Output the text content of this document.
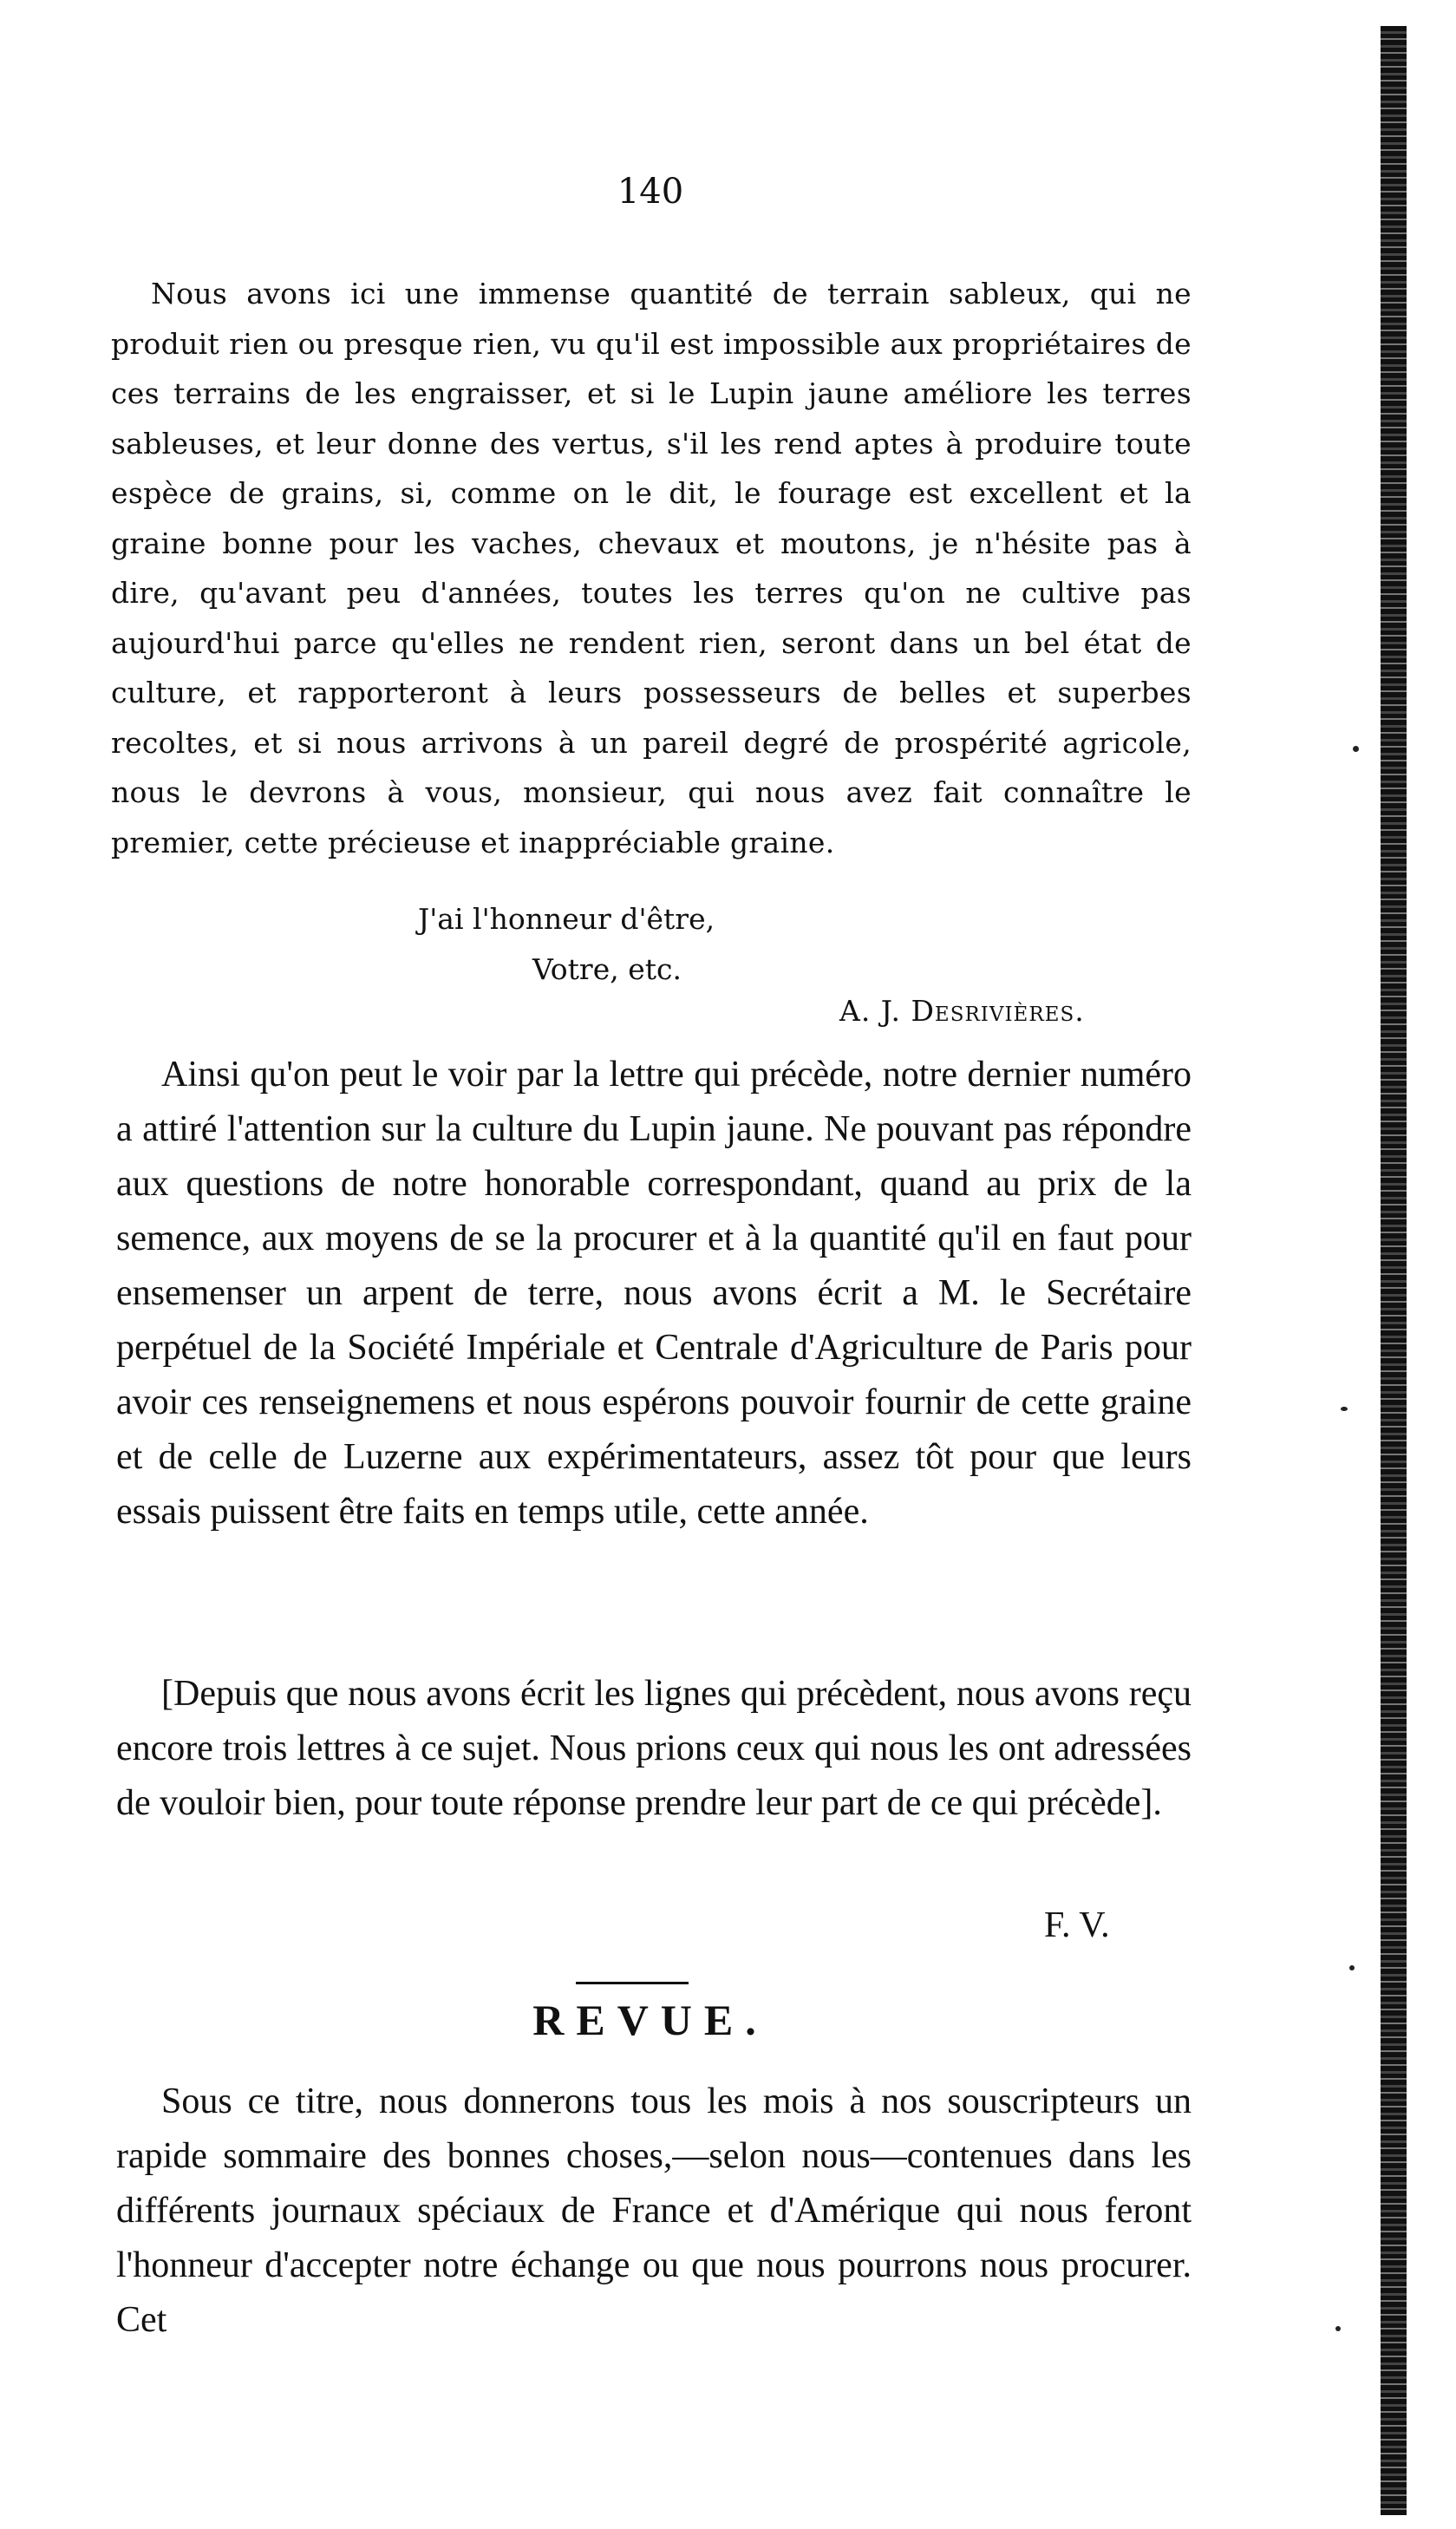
140

Nous avons ici une immense quantité de terrain sableux, qui ne produit rien ou presque rien, vu qu'il est impossible aux propriétaires de ces terrains de les engraisser, et si le Lupin jaune améliore les terres sableuses, et leur donne des vertus, s'il les rend aptes à produire toute espèce de grains, si, comme on le dit, le fourage est excellent et la graine bonne pour les vaches, chevaux et moutons, je n'hésite pas à dire, qu'avant peu d'années, toutes les terres qu'on ne cultive pas aujourd'hui parce qu'elles ne rendent rien, seront dans un bel état de culture, et rapporteront à leurs possesseurs de belles et superbes recoltes, et si nous arrivons à un pareil degré de prospérité agricole, nous le devrons à vous, monsieur, qui nous avez fait connaître le premier, cette précieuse et inappréciable graine.

J'ai l'honneur d'être,
Votre, etc.
A. J. Desrivières.

Ainsi qu'on peut le voir par la lettre qui précède, notre dernier numéro a attiré l'attention sur la culture du Lupin jaune. Ne pouvant pas répondre aux questions de notre honorable correspondant, quand au prix de la semence, aux moyens de se la procurer et à la quantité qu'il en faut pour ensemenser un arpent de terre, nous avons écrit a M. le Secrétaire perpétuel de la Société Impériale et Centrale d'Agriculture de Paris pour avoir ces renseignemens et nous espérons pouvoir fournir de cette graine et de celle de Luzerne aux expérimentateurs, assez tôt pour que leurs essais puissent être faits en temps utile, cette année.

[Depuis que nous avons écrit les lignes qui précèdent, nous avons reçu encore trois lettres à ce sujet. Nous prions ceux qui nous les ont adressées de vouloir bien, pour toute réponse prendre leur part de ce qui précède].

F. V.
REVUE.

Sous ce titre, nous donnerons tous les mois à nos souscripteurs un rapide sommaire des bonnes choses,—selon nous—contenues dans les différents journaux spéciaux de France et d'Amérique qui nous feront l'honneur d'accepter notre échange ou que nous pourrons nous procurer. Cet
